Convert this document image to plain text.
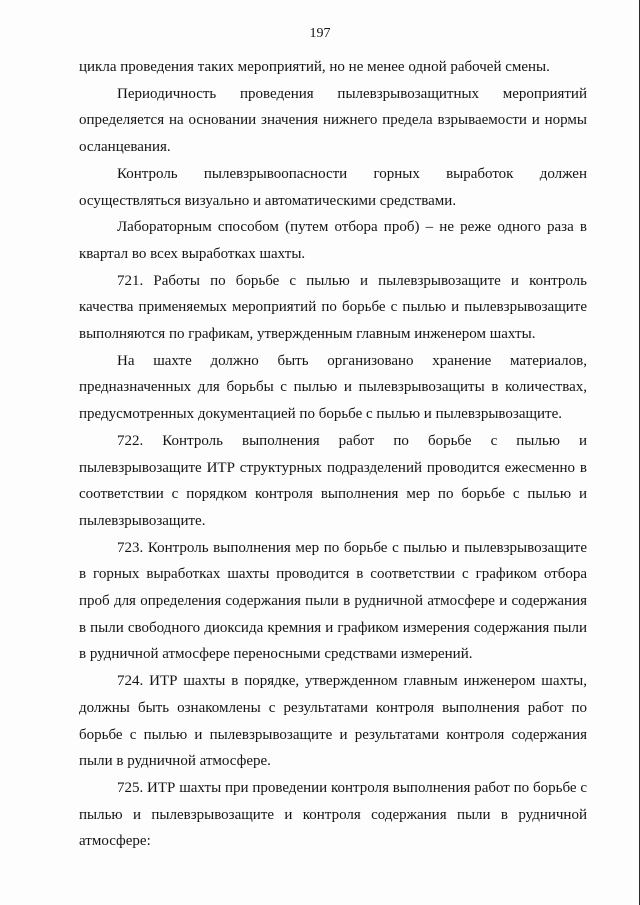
197

цикла проведения таких мероприятий, но не менее одной рабочей смены.

Периодичность проведения пылевзрывозащитных мероприятий определяется на основании значения нижнего предела взрываемости и нормы осланцевания.

Контроль пылевзрывоопасности горных выработок должен осуществляться визуально и автоматическими средствами.

Лабораторным способом (путем отбора проб) – не реже одного раза в квартал во всех выработках шахты.

721. Работы по борьбе с пылью и пылевзрывозащите и контроль качества применяемых мероприятий по борьбе с пылью и пылевзрывозащите выполняются по графикам, утвержденным главным инженером шахты.

На шахте должно быть организовано хранение материалов, предназначенных для борьбы с пылью и пылевзрывозащиты в количествах, предусмотренных документацией по борьбе с пылью и пылевзрывозащите.

722. Контроль выполнения работ по борьбе с пылью и пылевзрывозащите ИТР структурных подразделений проводится ежесменно в соответствии с порядком контроля выполнения мер по борьбе с пылью и пылевзрывозащите.

723. Контроль выполнения мер по борьбе с пылью и пылевзрывозащите в горных выработках шахты проводится в соответствии с графиком отбора проб для определения содержания пыли в рудничной атмосфере и содержания в пыли свободного диоксида кремния и графиком измерения содержания пыли в рудничной атмосфере переносными средствами измерений.

724. ИТР шахты в порядке, утвержденном главным инженером шахты, должны быть ознакомлены с результатами контроля выполнения работ по борьбе с пылью и пылевзрывозащите и результатами контроля содержания пыли в рудничной атмосфере.

725. ИТР шахты при проведении контроля выполнения работ по борьбе с пылью и пылевзрывозащите и контроля содержания пыли в рудничной атмосфере:
